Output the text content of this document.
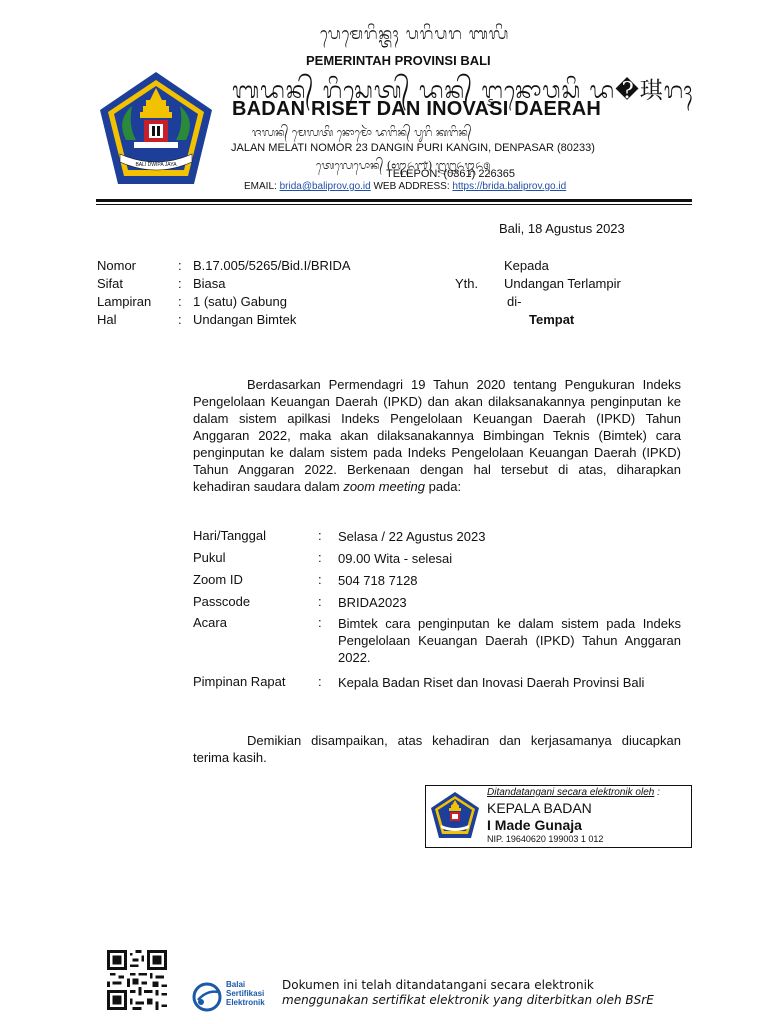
BALI DWIPA JAYA
ᬧᬾᬫᬾᬭᬶᬦ᭄ᬢᬄ ᬧᬭᬶᬧᬭ ᬩᬮᬶ
PEMERINTAH PROVINSI BALI
ᬩᬤᬦ᭄ ᬭᬶᬲᬾᬢ᭄ ᬤᬦ᭄ ᬇᬦᭀᬯᬲᬶ ᬤ�琪ᬭᬄ
BADAN RISET DAN INOVASI DAERAH
ᬚᬮᬦ᭄ ᬫᬾᬮᬢᬶ ᬦᭀᬫᭀᬃ ᬤᬗᬶᬦ᭄ ᬧᬸᬭᬶ ᬓᬗᬶᬦ᭄
JALAN MELATI NOMOR 23 DANGIN PURI KANGIN, DENPASAR (80233)
ᬢᬾᬮᬾᬧᭀᬦ᭄ (᭐᭓᭖᭑) ᭒᭒᭖᭓᭖᭕
TELEPON: (0361) 226365
EMAIL: brida@baliprov.go.id WEB ADDRESS: https://brida.baliprov.go.id
Bali, 18 Agustus 2023
Nomor	: B.17.005/5265/Bid.I/BRIDA
Sifat	: Biasa
Lampiran : 1 (satu) Gabung
Hal	: Undangan Bimtek
Kepada
Yth. Undangan Terlampir
di-
Tempat
Berdasarkan Permendagri 19 Tahun 2020 tentang Pengukuran Indeks Pengelolaan Keuangan Daerah (IPKD) dan akan dilaksanakannya penginputan ke dalam sistem apilkasi Indeks Pengelolaan Keuangan Daerah (IPKD) Tahun Anggaran 2022, maka akan dilaksanakannya Bimbingan Teknis (Bimtek) cara penginputan ke dalam sistem pada Indeks Pengelolaan Keuangan Daerah (IPKD) Tahun Anggaran 2022. Berkenaan dengan hal tersebut di atas, diharapkan kehadiran saudara dalam zoom meeting pada:
Hari/Tanggal	: Selasa / 22 Agustus 2023
Pukul	: 09.00 Wita - selesai
Zoom ID	: 504 718 7128
Passcode	: BRIDA2023
Acara	: Bimtek cara penginputan ke dalam sistem pada Indeks Pengelolaan Keuangan Daerah (IPKD) Tahun Anggaran 2022.
Pimpinan Rapat	: Kepala Badan Riset dan Inovasi Daerah Provinsi Bali
Demikian disampaikan, atas kehadiran dan kerjasamanya diucapkan terima kasih.
Ditandatangani secara elektronik oleh :
KEPALA BADAN
I Made Gunaja
NIP. 19640620 199003 1 012
Balai
Sertifikasi
Elektronik
Dokumen ini telah ditandatangani secara elektronik
menggunakan sertifikat elektronik yang diterbitkan oleh BSrE
